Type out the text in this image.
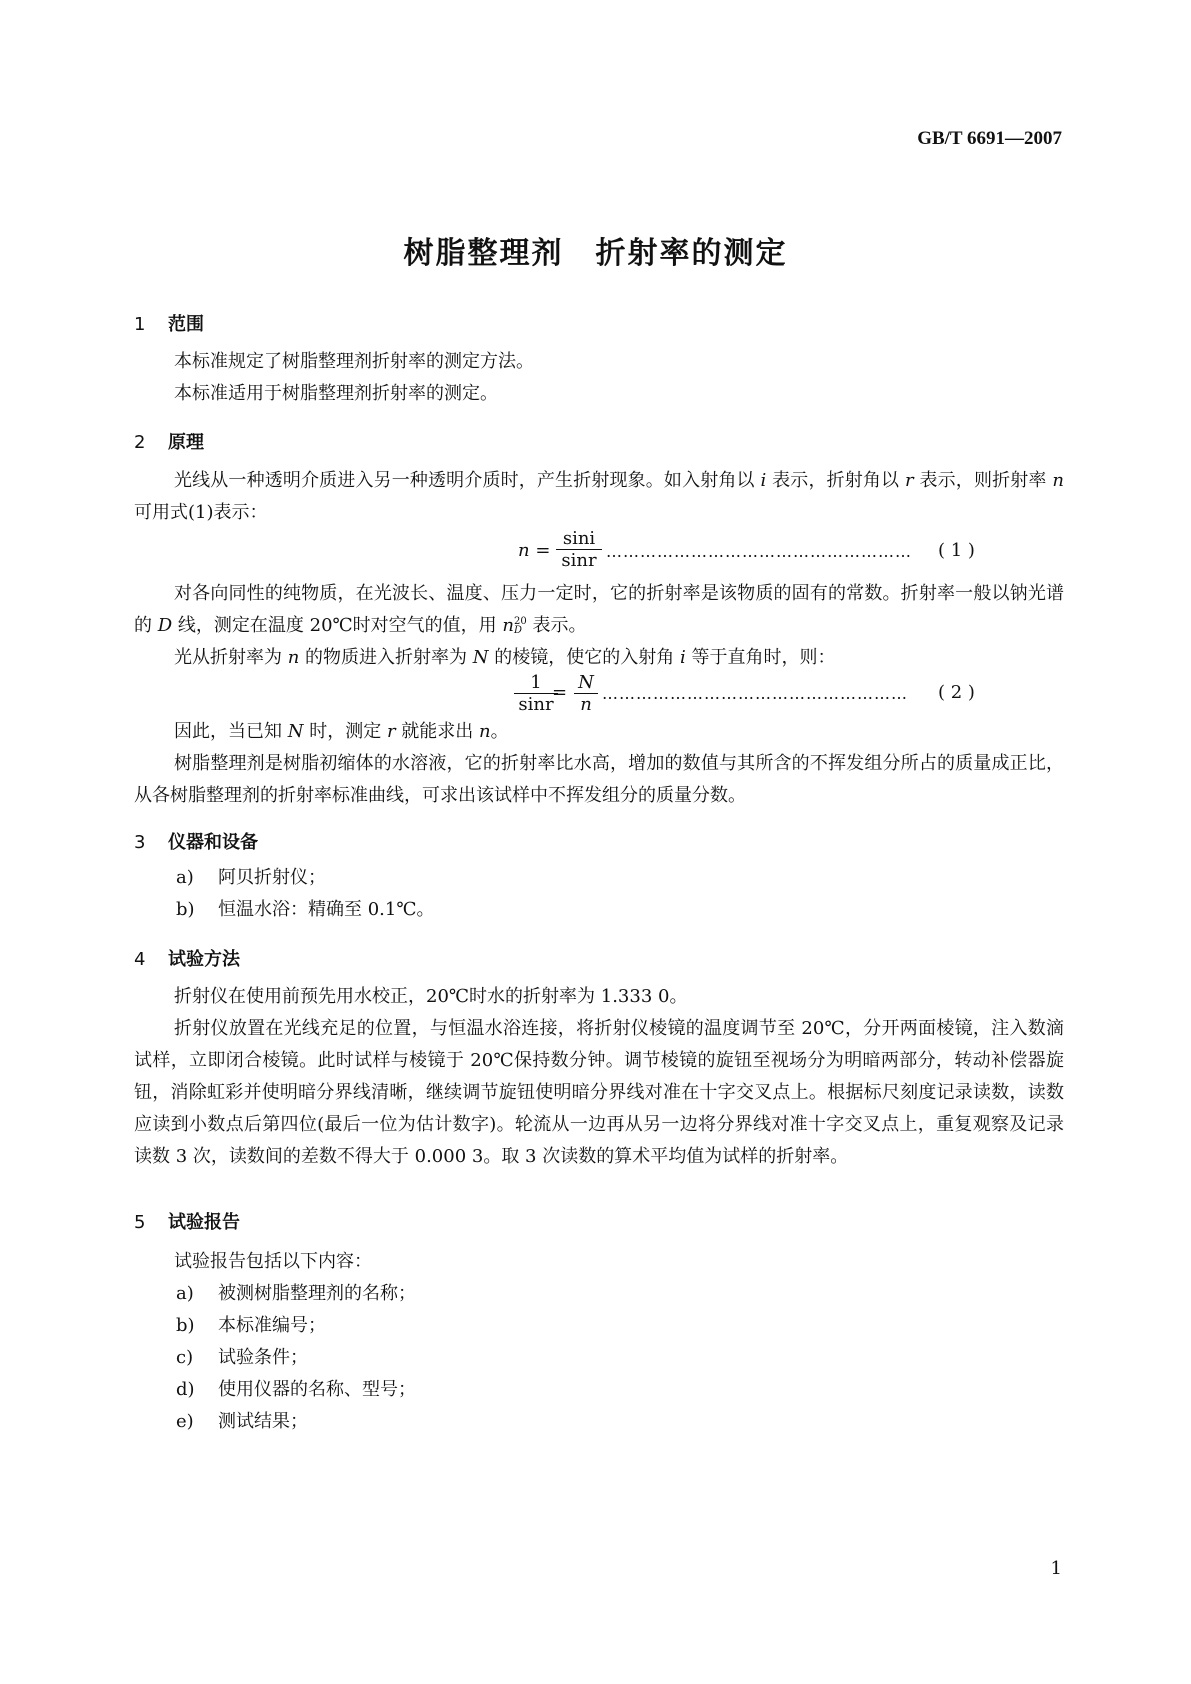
GB/T 6691—2007
树脂整理剂　折射率的测定
1 范围
本标准规定了树脂整理剂折射率的测定方法。
本标准适用于树脂整理剂折射率的测定。
2 原理
光线从一种透明介质进入另一种透明介质时，产生折射现象。如入射角以 i 表示，折射角以 r 表示，则折射率 n 可用式(1)表示：
$n = \frac{\sin i}{\sin r}$ ……………………………………………… ( 1 )
对各向同性的纯物质，在光波长、温度、压力一定时，它的折射率是该物质的固有的常数。折射率一般以钠光谱的 D 线，测定在温度 20℃时对空气的值，用 n 20
D 表示。
光从折射率为 n 的物质进入折射率为 N 的棱镜，使它的入射角 i 等于直角时，则：
$\frac{1}{\sin r}$
= $\frac{N}{n}$ ……………………………………………… ( 2 )
因此，当已知 N 时，测定 r 就能求出 n。
树脂整理剂是树脂初缩体的水溶液，它的折射率比水高，增加的数值与其所含的不挥发组分所占的质量成正比，从各树脂整理剂的折射率标准曲线，可求出该试样中不挥发组分的质量分数。
3 仪器和设备
a) 阿贝折射仪；
b) 恒温水浴：精确至 0.1℃。
4 试验方法
折射仪在使用前预先用水校正，20℃时水的折射率为 1.333 0。
折射仪放置在光线充足的位置，与恒温水浴连接，将折射仪棱镜的温度调节至 20℃，分开两面棱镜，注入数滴试样，立即闭合棱镜。此时试样与棱镜于 20℃保持数分钟。调节棱镜的旋钮至视场分为明暗两部分，转动补偿器旋钮，消除虹彩并使明暗分界线清晰，继续调节旋钮使明暗分界线对准在十字交叉点上。根据标尺刻度记录读数，读数应读到小数点后第四位(最后一位为估计数字)。轮流从一边再从另一边将分界线对准十字交叉点上，重复观察及记录读数 3 次，读数间的差数不得大于 0.000 3。取 3 次读数的算术平均值为试样的折射率。
5 试验报告
试验报告包括以下内容：
a) 被测树脂整理剂的名称；
b) 本标准编号；
c) 试验条件；
d) 使用仪器的名称、型号；
e) 测试结果；
1
